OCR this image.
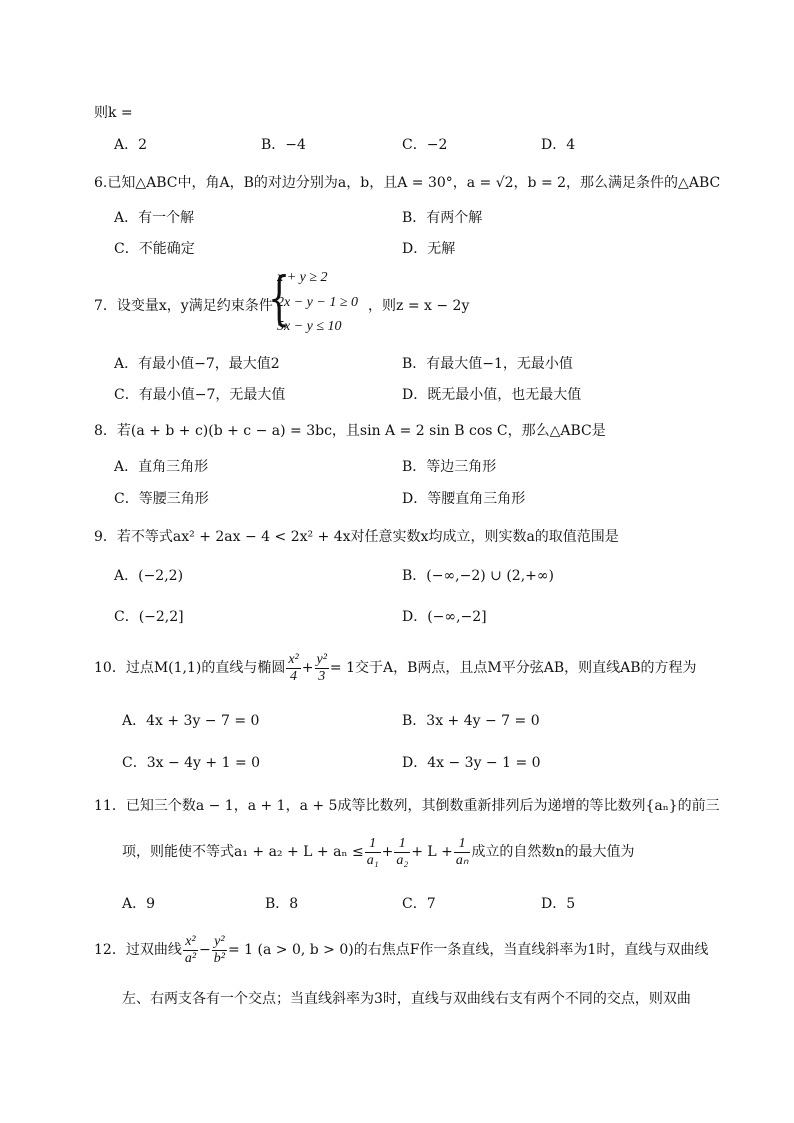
则k =
A．2	B．−4	C．−2	D．4
6.已知△ABC中，角A，B的对边分别为a，b，且A = 30°，a = √2，b = 2，那么满足条件的△ABC
A．有一个解	B．有两个解
C．不能确定	D．无解
7．设变量x，y满足约束条件
{
x + y ≥ 2
2x − y − 1 ≥ 0
5x − y ≤ 10
，则z = x − 2y
A．有最小值−7，最大值2	B．有最大值−1，无最小值
C．有最小值−7，无最大值	D．既无最小值，也无最大值
8．若(a + b + c)(b + c − a) = 3bc，且sin A = 2 sin B cos C，那么△ABC是
A．直角三角形	B．等边三角形
C．等腰三角形	D．等腰直角三角形
9．若不等式ax² + 2ax − 4 < 2x² + 4x对任意实数x均成立，则实数a的取值范围是
A．(−2,2)	B．(−∞,−2) ∪ (2,+∞)
C．(−2,2]	D．(−∞,−2]
10．过点M(1,1)的直线与椭圆 $\frac{\text{x²}}{4} + \frac{\text{y²}}{3} = 1$交于A，B两点，且点M平分弦AB，则直线AB的方程为
A．4x + 3y − 7 = 0	B．3x + 4y − 7 = 0
C．3x − 4y + 1 = 0	D．4x − 3y − 1 = 0
11．已知三个数a − 1，a + 1，a + 5成等比数列，其倒数重新排列后为递增的等比数列{aₙ}的前三
项，则能使不等式$a_1 + a_2 + L + a_n \le \frac{1}{\text{a₁}} + \frac{1}{\text{a₂}} + L + \frac{1}{\text{aₙ}}$ 成立的自然数n的最大值为
A．9	B．8	C．7	D．5
12．过双曲线 $\frac{\text{x²}}{\text{a²}} - \frac{\text{y²}}{\text{b²}} = 1$ (a > 0, b > 0)的右焦点F作一条直线，当直线斜率为1时，直线与双曲线
左、右两支各有一个交点；当直线斜率为3时，直线与双曲线右支有两个不同的交点，则双曲
